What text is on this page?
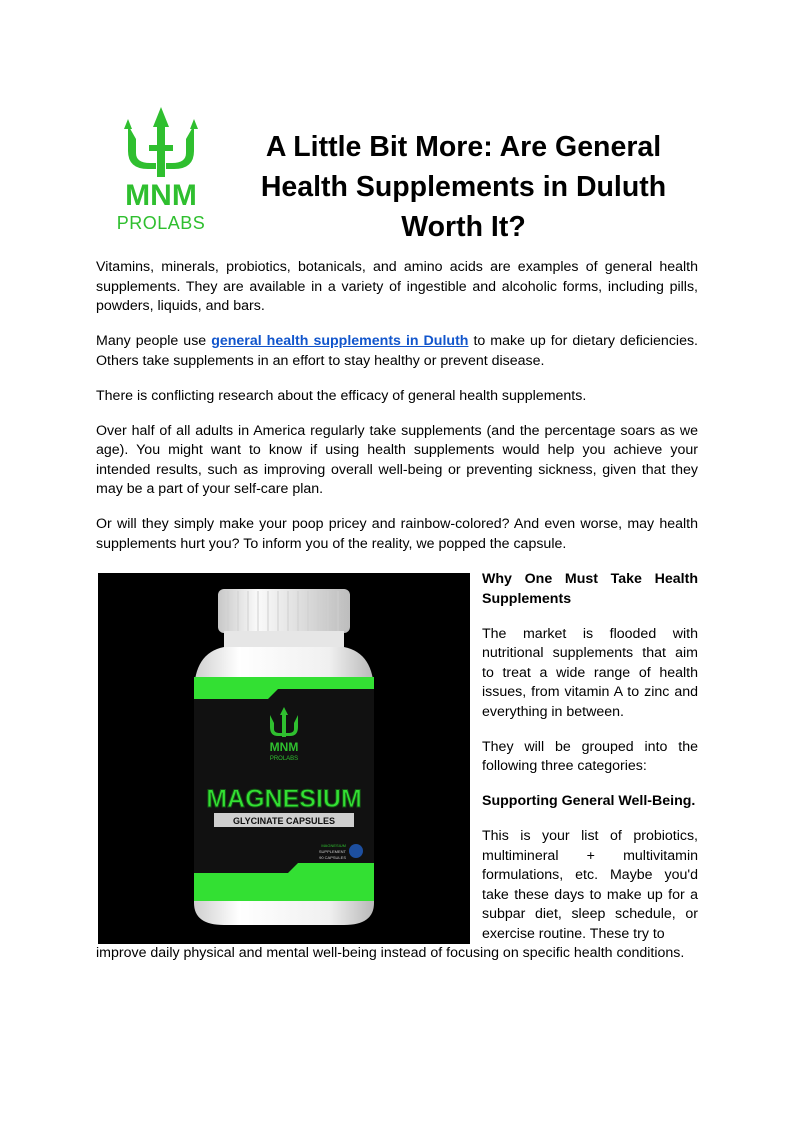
MNM
PROLABS
A Little Bit More: Are General Health Supplements in Duluth Worth It?

Vitamins, minerals, probiotics, botanicals, and amino acids are examples of general health supplements. They are available in a variety of ingestible and alcoholic forms, including pills, powders, liquids, and bars.

Many people use general health supplements in Duluth to make up for dietary deficiencies. Others take supplements in an effort to stay healthy or prevent disease.

There is conflicting research about the efficacy of general health supplements.

Over half of all adults in America regularly take supplements (and the percentage soars as we age). You might want to know if using health supplements would help you achieve your intended results, such as improving overall well-being or preventing sickness, given that they may be a part of your self-care plan.

Or will they simply make your poop pricey and rainbow-colored? And even worse, may health supplements hurt you? To inform you of the reality, we popped the capsule.

MNM
PROLABS
MAGNESIUM
GLYCINATE CAPSULES
MAGNESIUM
SUPPLEMENT
90 CAPSULES

Why One Must Take Health Supplements

The market is flooded with nutritional supplements that aim to treat a wide range of health issues, from vitamin A to zinc and everything in between.

They will be grouped into the following three categories:

Supporting General Well-Being.

This is your list of probiotics, multimineral + multivitamin formulations, etc. Maybe you'd take these days to make up for a subpar diet, sleep schedule, or exercise routine. These try to

improve daily physical and mental well-being instead of focusing on specific health conditions.
